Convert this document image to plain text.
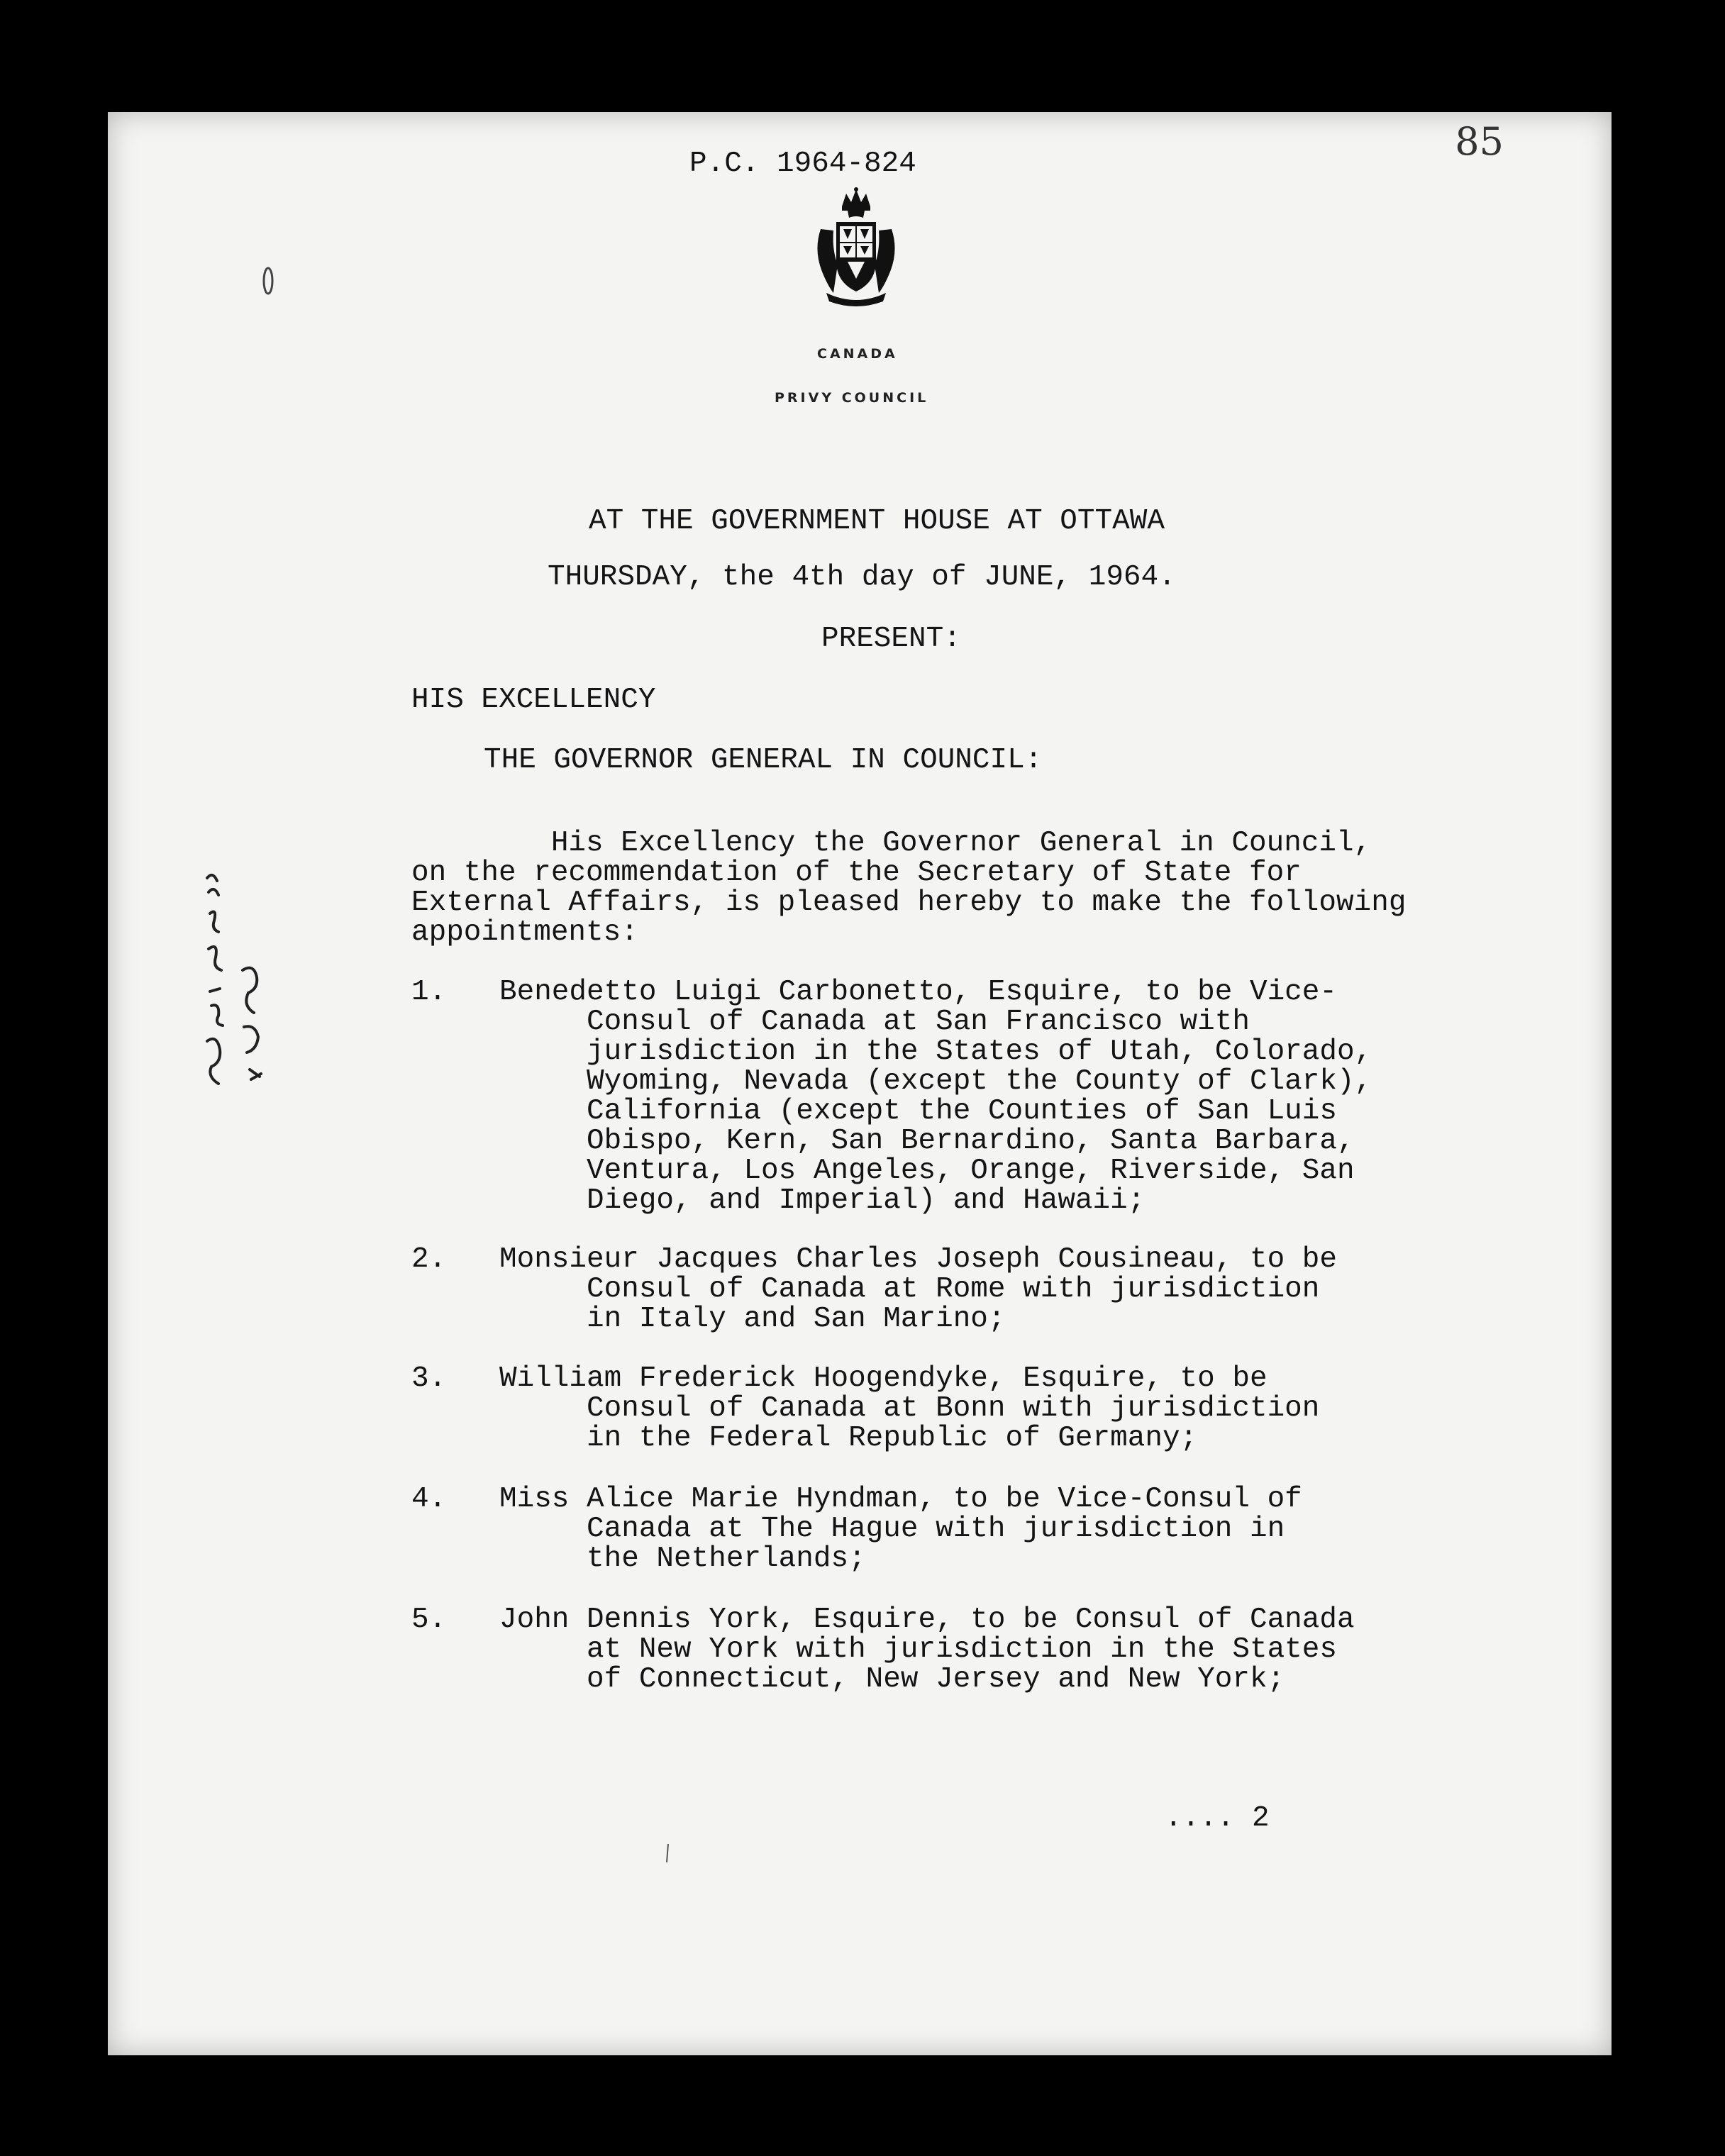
P.C. 1964-824	85
CANADA
PRIVY COUNCIL
AT THE GOVERNMENT HOUSE AT OTTAWA
THURSDAY, the 4th day of JUNE, 1964.
PRESENT:
HIS EXCELLENCY
THE GOVERNOR GENERAL IN COUNCIL:
His Excellency the Governor General in Council,
on the recommendation of the Secretary of State for
External Affairs, is pleased hereby to make the following
appointments:
1. Benedetto Luigi Carbonetto, Esquire, to be Vice-
Consul of Canada at San Francisco with
jurisdiction in the States of Utah, Colorado,
Wyoming, Nevada (except the County of Clark),
California (except the Counties of San Luis
Obispo, Kern, San Bernardino, Santa Barbara,
Ventura, Los Angeles, Orange, Riverside, San
Diego, and Imperial) and Hawaii;
2. Monsieur Jacques Charles Joseph Cousineau, to be
Consul of Canada at Rome with jurisdiction
in Italy and San Marino;
3. William Frederick Hoogendyke, Esquire, to be
Consul of Canada at Bonn with jurisdiction
in the Federal Republic of Germany;
4. Miss Alice Marie Hyndman, to be Vice-Consul of
Canada at The Hague with jurisdiction in
the Netherlands;
5. John Dennis York, Esquire, to be Consul of Canada
at New York with jurisdiction in the States
of Connecticut, New Jersey and New York;
.... 2
